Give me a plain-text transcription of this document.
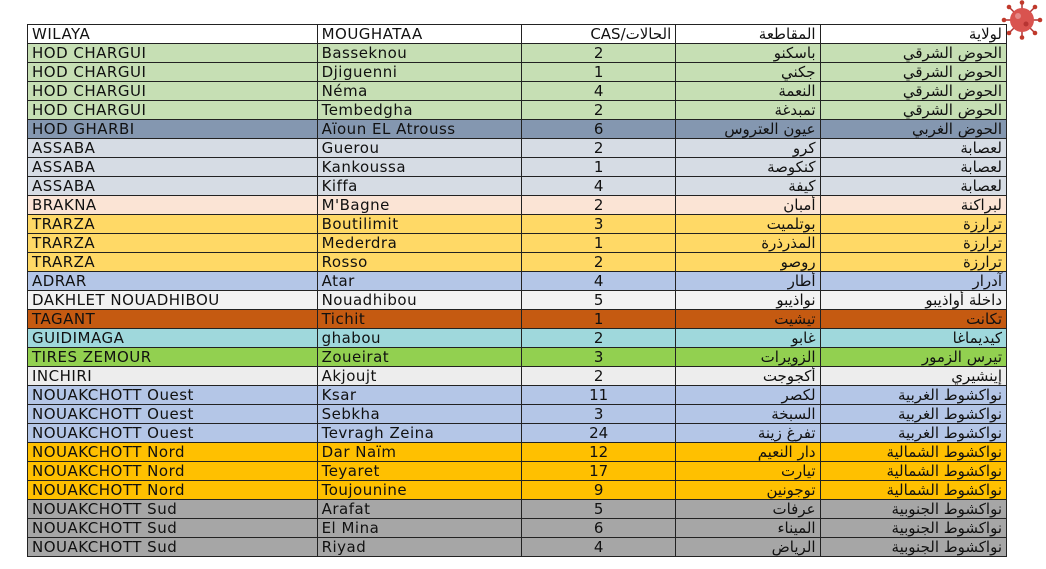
WILAYA	MOUGHATAA	CAS/الحالات	المقاطعة	لولاية
HOD CHARGUI	Basseknou	2	باسكنو	الحوض الشرقي
HOD CHARGUI	Djiguenni	1	جكني	الحوض الشرقي
HOD CHARGUI	Néma	4	النعمة	الحوض الشرقي
HOD CHARGUI	Tembedgha	2	تمبدغة	الحوض الشرقي
HOD GHARBI	Aïoun EL Atrouss	6	عيون العتروس	الحوض الغربي
ASSABA	Guerou	2	كرو	لعصابة
ASSABA	Kankoussa	1	كنكوصة	لعصابة
ASSABA	Kiffa	4	كيفة	لعصابة
BRAKNA	M'Bagne	2	أمبان	لبراكنة
TRARZA	Boutilimit	3	بوتلميت	ترارزة
TRARZA	Mederdra	1	المذرذرة	ترارزة
TRARZA	Rosso	2	روصو	ترارزة
ADRAR	Atar	4	أطار	آدرار
DAKHLET NOUADHIBOU	Nouadhibou	5	نواذيبو	داخلة أواذيبو
TAGANT	Tichit	1	تيشيت	تكانت
GUIDIMAGA	ghabou	2	غابو	كيديماغا
TIRES ZEMOUR	Zoueirat	3	الزويرات	تيرس الزمور
INCHIRI	Akjoujt	2	أكجوجت	إينشيري
NOUAKCHOTT Ouest	Ksar	11	لكصر	نواكشوط الغربية
NOUAKCHOTT Ouest	Sebkha	3	السبخة	نواكشوط الغربية
NOUAKCHOTT Ouest	Tevragh Zeina	24	تفرغ زينة	نواكشوط الغربية
NOUAKCHOTT Nord	Dar Naïm	12	دار النعيم	نواكشوط الشمالية
NOUAKCHOTT Nord	Teyaret	17	تيارت	نواكشوط الشمالية
NOUAKCHOTT Nord	Toujounine	9	توجونين	نواكشوط الشمالية
NOUAKCHOTT Sud	Arafat	5	عرفات	نواكشوط الجنوبية
NOUAKCHOTT Sud	El Mina	6	الميناء	نواكشوط الجنوبية
NOUAKCHOTT Sud	Riyad	4	الرياض	نواكشوط الجنوبية
